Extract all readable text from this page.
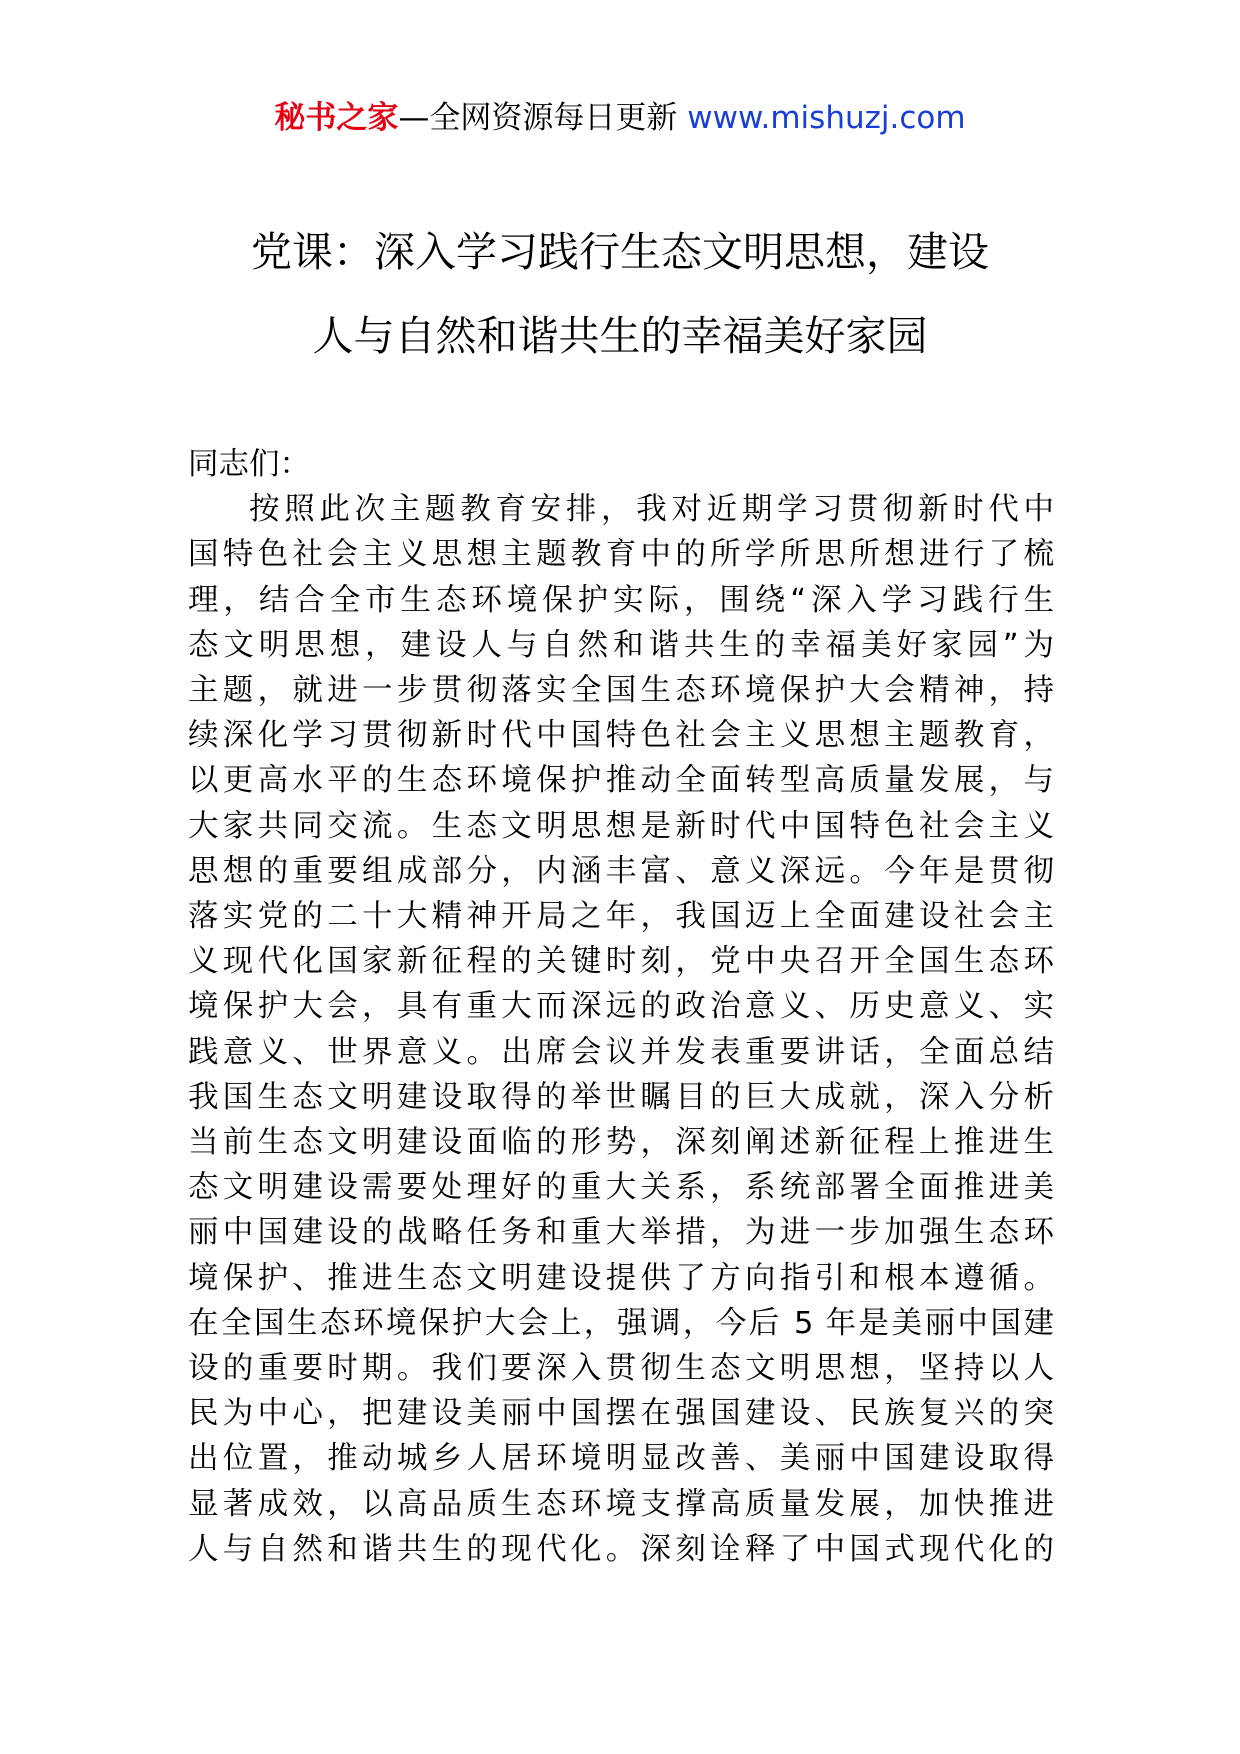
秘书之家—全网资源每日更新 www.mishuzj.com
党课：深入学习践行生态文明思想，建设
人与自然和谐共生的幸福美好家园
同志们：
按照此次主题教育安排，我对近期学习贯彻新时代中
国特色社会主义思想主题教育中的所学所思所想进行了梳
理，结合全市生态环境保护实际，围绕“深入学习践行生
态文明思想，建设人与自然和谐共生的幸福美好家园”为
主题，就进一步贯彻落实全国生态环境保护大会精神，持
续深化学习贯彻新时代中国特色社会主义思想主题教育，
以更高水平的生态环境保护推动全面转型高质量发展，与
大家共同交流。生态文明思想是新时代中国特色社会主义
思想的重要组成部分，内涵丰富、意义深远。今年是贯彻
落实党的二十大精神开局之年，我国迈上全面建设社会主
义现代化国家新征程的关键时刻，党中央召开全国生态环
境保护大会，具有重大而深远的政治意义、历史意义、实
践意义、世界意义。出席会议并发表重要讲话，全面总结
我国生态文明建设取得的举世瞩目的巨大成就，深入分析
当前生态文明建设面临的形势，深刻阐述新征程上推进生
态文明建设需要处理好的重大关系，系统部署全面推进美
丽中国建设的战略任务和重大举措，为进一步加强生态环
境保护、推进生态文明建设提供了方向指引和根本遵循。
在全国生态环境保护大会上，强调，今后 5 年是美丽中国建
设的重要时期。我们要深入贯彻生态文明思想，坚持以人
民为中心，把建设美丽中国摆在强国建设、民族复兴的突
出位置，推动城乡人居环境明显改善、美丽中国建设取得
显著成效，以高品质生态环境支撑高质量发展，加快推进
人与自然和谐共生的现代化。深刻诠释了中国式现代化的
